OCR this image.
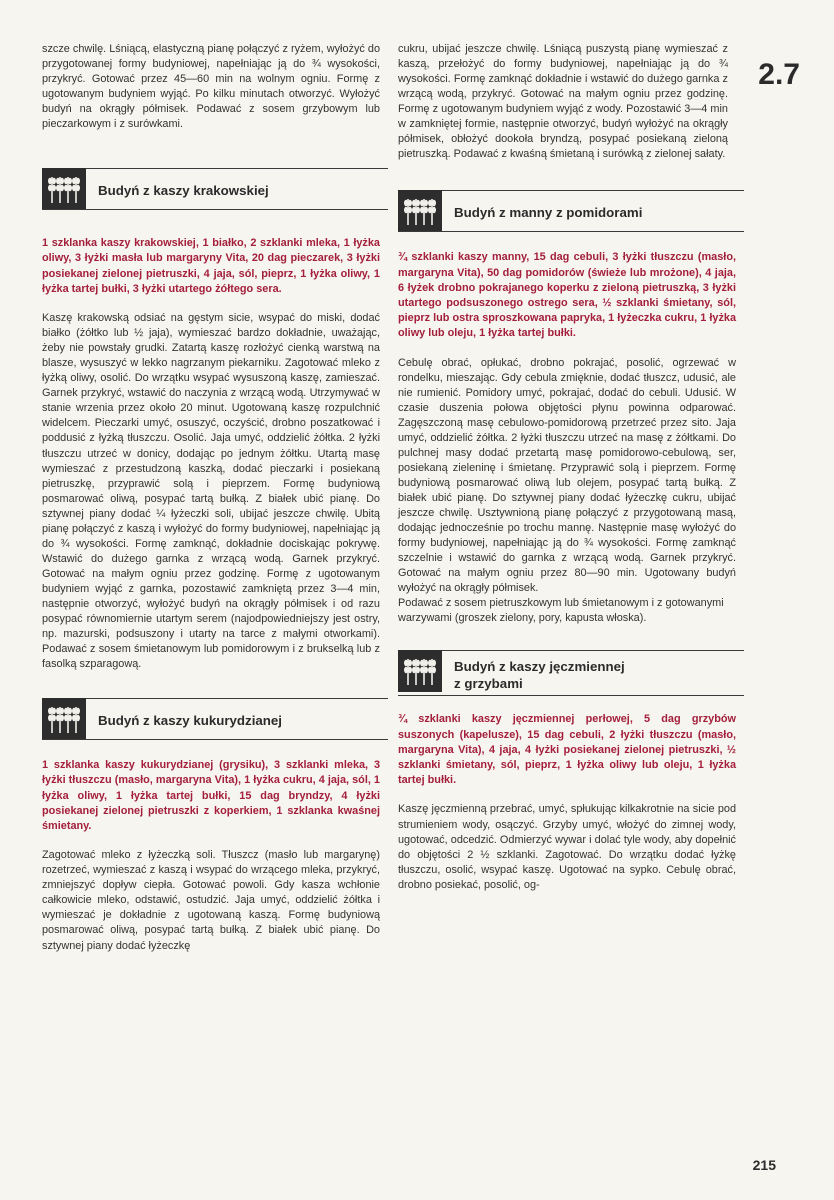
2.7

szcze chwilę. Lśniącą, elastyczną pianę połączyć z ryżem, wyłożyć do przygotowanej formy budyniowej, napełniając ją do ¾ wysokości, przykryć. Gotować przez 45—60 min na wolnym ogniu. Formę z ugotowanym budyniem wyjąć. Po kilku minutach otworzyć. Wyłożyć budyń na okrągły półmisek. Podawać z sosem grzybowym lub pieczarkowym i z surówkami.

Budyń z kaszy krakowskiej

1 szklanka kaszy krakowskiej, 1 białko, 2 szklanki mleka, 1 łyżka oliwy, 3 łyżki masła lub margaryny Vita, 20 dag pieczarek, 3 łyżki posiekanej zielonej pietruszki, 4 jaja, sól, pieprz, 1 łyżka oliwy, 1 łyżka tartej bułki, 3 łyżki utartego żółtego sera.

Kaszę krakowską odsiać na gęstym sicie, wsypać do miski, dodać białko (żółtko lub ½ jaja), wymieszać bardzo dokładnie, uważając, żeby nie powstały grudki. Zatartą kaszę rozłożyć cienką warstwą na blasze, wysuszyć w lekko nagrzanym piekarniku. Zagotować mleko z łyżką oliwy, osolić. Do wrzątku wsypać wysuszoną kaszę, zamieszać. Garnek przykryć, wstawić do naczynia z wrzącą wodą. Utrzymywać w stanie wrzenia przez około 20 minut. Ugotowaną kaszę rozpulchnić widelcem. Pieczarki umyć, osuszyć, oczyścić, drobno poszatkować i poddusić z łyżką tłuszczu. Osolić. Jaja umyć, oddzielić żółtka. 2 łyżki tłuszczu utrzeć w donicy, dodając po jednym żółtku. Utartą masę wymieszać z przestudzoną kaszką, dodać pieczarki i posiekaną pietruszkę, przyprawić solą i pieprzem. Formę budyniową posmarować oliwą, posypać tartą bułką. Z białek ubić pianę. Do sztywnej piany dodać ¼ łyżeczki soli, ubijać jeszcze chwilę. Ubitą pianę połączyć z kaszą i wyłożyć do formy budyniowej, napełniając ją do ¾ wysokości. Formę zamknąć, dokładnie dociskając pokrywę. Wstawić do dużego garnka z wrzącą wodą. Garnek przykryć. Gotować na małym ogniu przez godzinę. Formę z ugotowanym budyniem wyjąć z garnka, pozostawić zamkniętą przez 3—4 min, następnie otworzyć, wyłożyć budyń na okrągły półmisek i od razu posypać równomiernie utartym serem (najodpowiedniejszy jest ostry, np. mazurski, podsuszony i utarty na tarce z małymi otworkami). Podawać z sosem śmietanowym lub pomidorowym i z brukselką lub z fasolką szparagową.

Budyń z kaszy kukurydzianej

1 szklanka kaszy kukurydzianej (grysiku), 3 szklanki mleka, 3 łyżki tłuszczu (masło, margaryna Vita), 1 łyżka cukru, 4 jaja, sól, 1 łyżka oliwy, 1 łyżka tartej bułki, 15 dag bryndzy, 4 łyżki posiekanej zielonej pietruszki z koperkiem, 1 szklanka kwaśnej śmietany.

Zagotować mleko z łyżeczką soli. Tłuszcz (masło lub margarynę) rozetrzeć, wymieszać z kaszą i wsypać do wrzącego mleka, przykryć, zmniejszyć dopływ ciepła. Gotować powoli. Gdy kasza wchłonie całkowicie mleko, odstawić, ostudzić. Jaja umyć, oddzielić żółtka i wymieszać je dokładnie z ugotowaną kaszą. Formę budyniową posmarować oliwą, posypać tartą bułką. Z białek ubić pianę. Do sztywnej piany dodać łyżeczkę

cukru, ubijać jeszcze chwilę. Lśniącą puszystą pianę wymieszać z kaszą, przełożyć do formy budyniowej, napełniając ją do ¾ wysokości. Formę zamknąć dokładnie i wstawić do dużego garnka z wrzącą wodą, przykryć. Gotować na małym ogniu przez godzinę. Formę z ugotowanym budyniem wyjąć z wody. Pozostawić 3—4 min w zamkniętej formie, następnie otworzyć, budyń wyłożyć na okrągły półmisek, obłożyć dookoła bryndzą, posypać posiekaną zieloną pietruszką. Podawać z kwaśną śmietaną i surówką z zielonej sałaty.

Budyń z manny z pomidorami

¾ szklanki kaszy manny, 15 dag cebuli, 3 łyżki tłuszczu (masło, margaryna Vita), 50 dag pomidorów (świeże lub mrożone), 4 jaja, 6 łyżek drobno pokrajanego koperku z zieloną pietruszką, 3 łyżki utartego podsuszonego ostrego sera, ½ szklanki śmietany, sól, pieprz lub ostra sproszkowana papryka, 1 łyżeczka cukru, 1 łyżka oliwy lub oleju, 1 łyżka tartej bułki.

Cebulę obrać, opłukać, drobno pokrajać, posolić, ogrzewać w rondelku, mieszając. Gdy cebula zmięknie, dodać tłuszcz, udusić, ale nie rumienić. Pomidory umyć, pokrajać, dodać do cebuli. Udusić. W czasie duszenia połowa objętości płynu powinna odparować. Zagęszczoną masę cebulowo-pomidorową przetrzeć przez sito. Jaja umyć, oddzielić żółtka. 2 łyżki tłuszczu utrzeć na masę z żółtkami. Do pulchnej masy dodać przetartą masę pomidorowo-cebulową, ser, posiekaną zieleninę i śmietanę. Przyprawić solą i pieprzem. Formę budyniową posmarować oliwą lub olejem, posypać tartą bułką. Z białek ubić pianę. Do sztywnej piany dodać łyżeczkę cukru, ubijać jeszcze chwilę. Usztywnioną pianę połączyć z przygotowaną masą, dodając jednocześnie po trochu mannę. Następnie masę wyłożyć do formy budyniowej, napełniając ją do ¾ wysokości. Formę zamknąć szczelnie i wstawić do garnka z wrzącą wodą. Garnek przykryć. Gotować na małym ogniu przez 80—90 min. Ugotowany budyń wyłożyć na okrągły półmisek.

Podawać z sosem pietruszkowym lub śmietanowym i z gotowanymi warzywami (groszek zielony, pory, kapusta włoska).

Budyń z kaszy jęczmiennej
z grzybami

¾ szklanki kaszy jęczmiennej perłowej, 5 dag grzybów suszonych (kapelusze), 15 dag cebuli, 2 łyżki tłuszczu (masło, margaryna Vita), 4 jaja, 4 łyżki posiekanej zielonej pietruszki, ½ szklanki śmietany, sól, pieprz, 1 łyżka oliwy lub oleju, 1 łyżka tartej bułki.

Kaszę jęczmienną przebrać, umyć, spłukując kilkakrotnie na sicie pod strumieniem wody, osączyć. Grzyby umyć, włożyć do zimnej wody, ugotować, odcedzić. Odmierzyć wywar i dolać tyle wody, aby dopełnić do objętości 2 ½ szklanki. Zagotować. Do wrzątku dodać łyżkę tłuszczu, osolić, wsypać kaszę. Ugotować na sypko. Cebulę obrać, drobno posiekać, posolić, og-

215
